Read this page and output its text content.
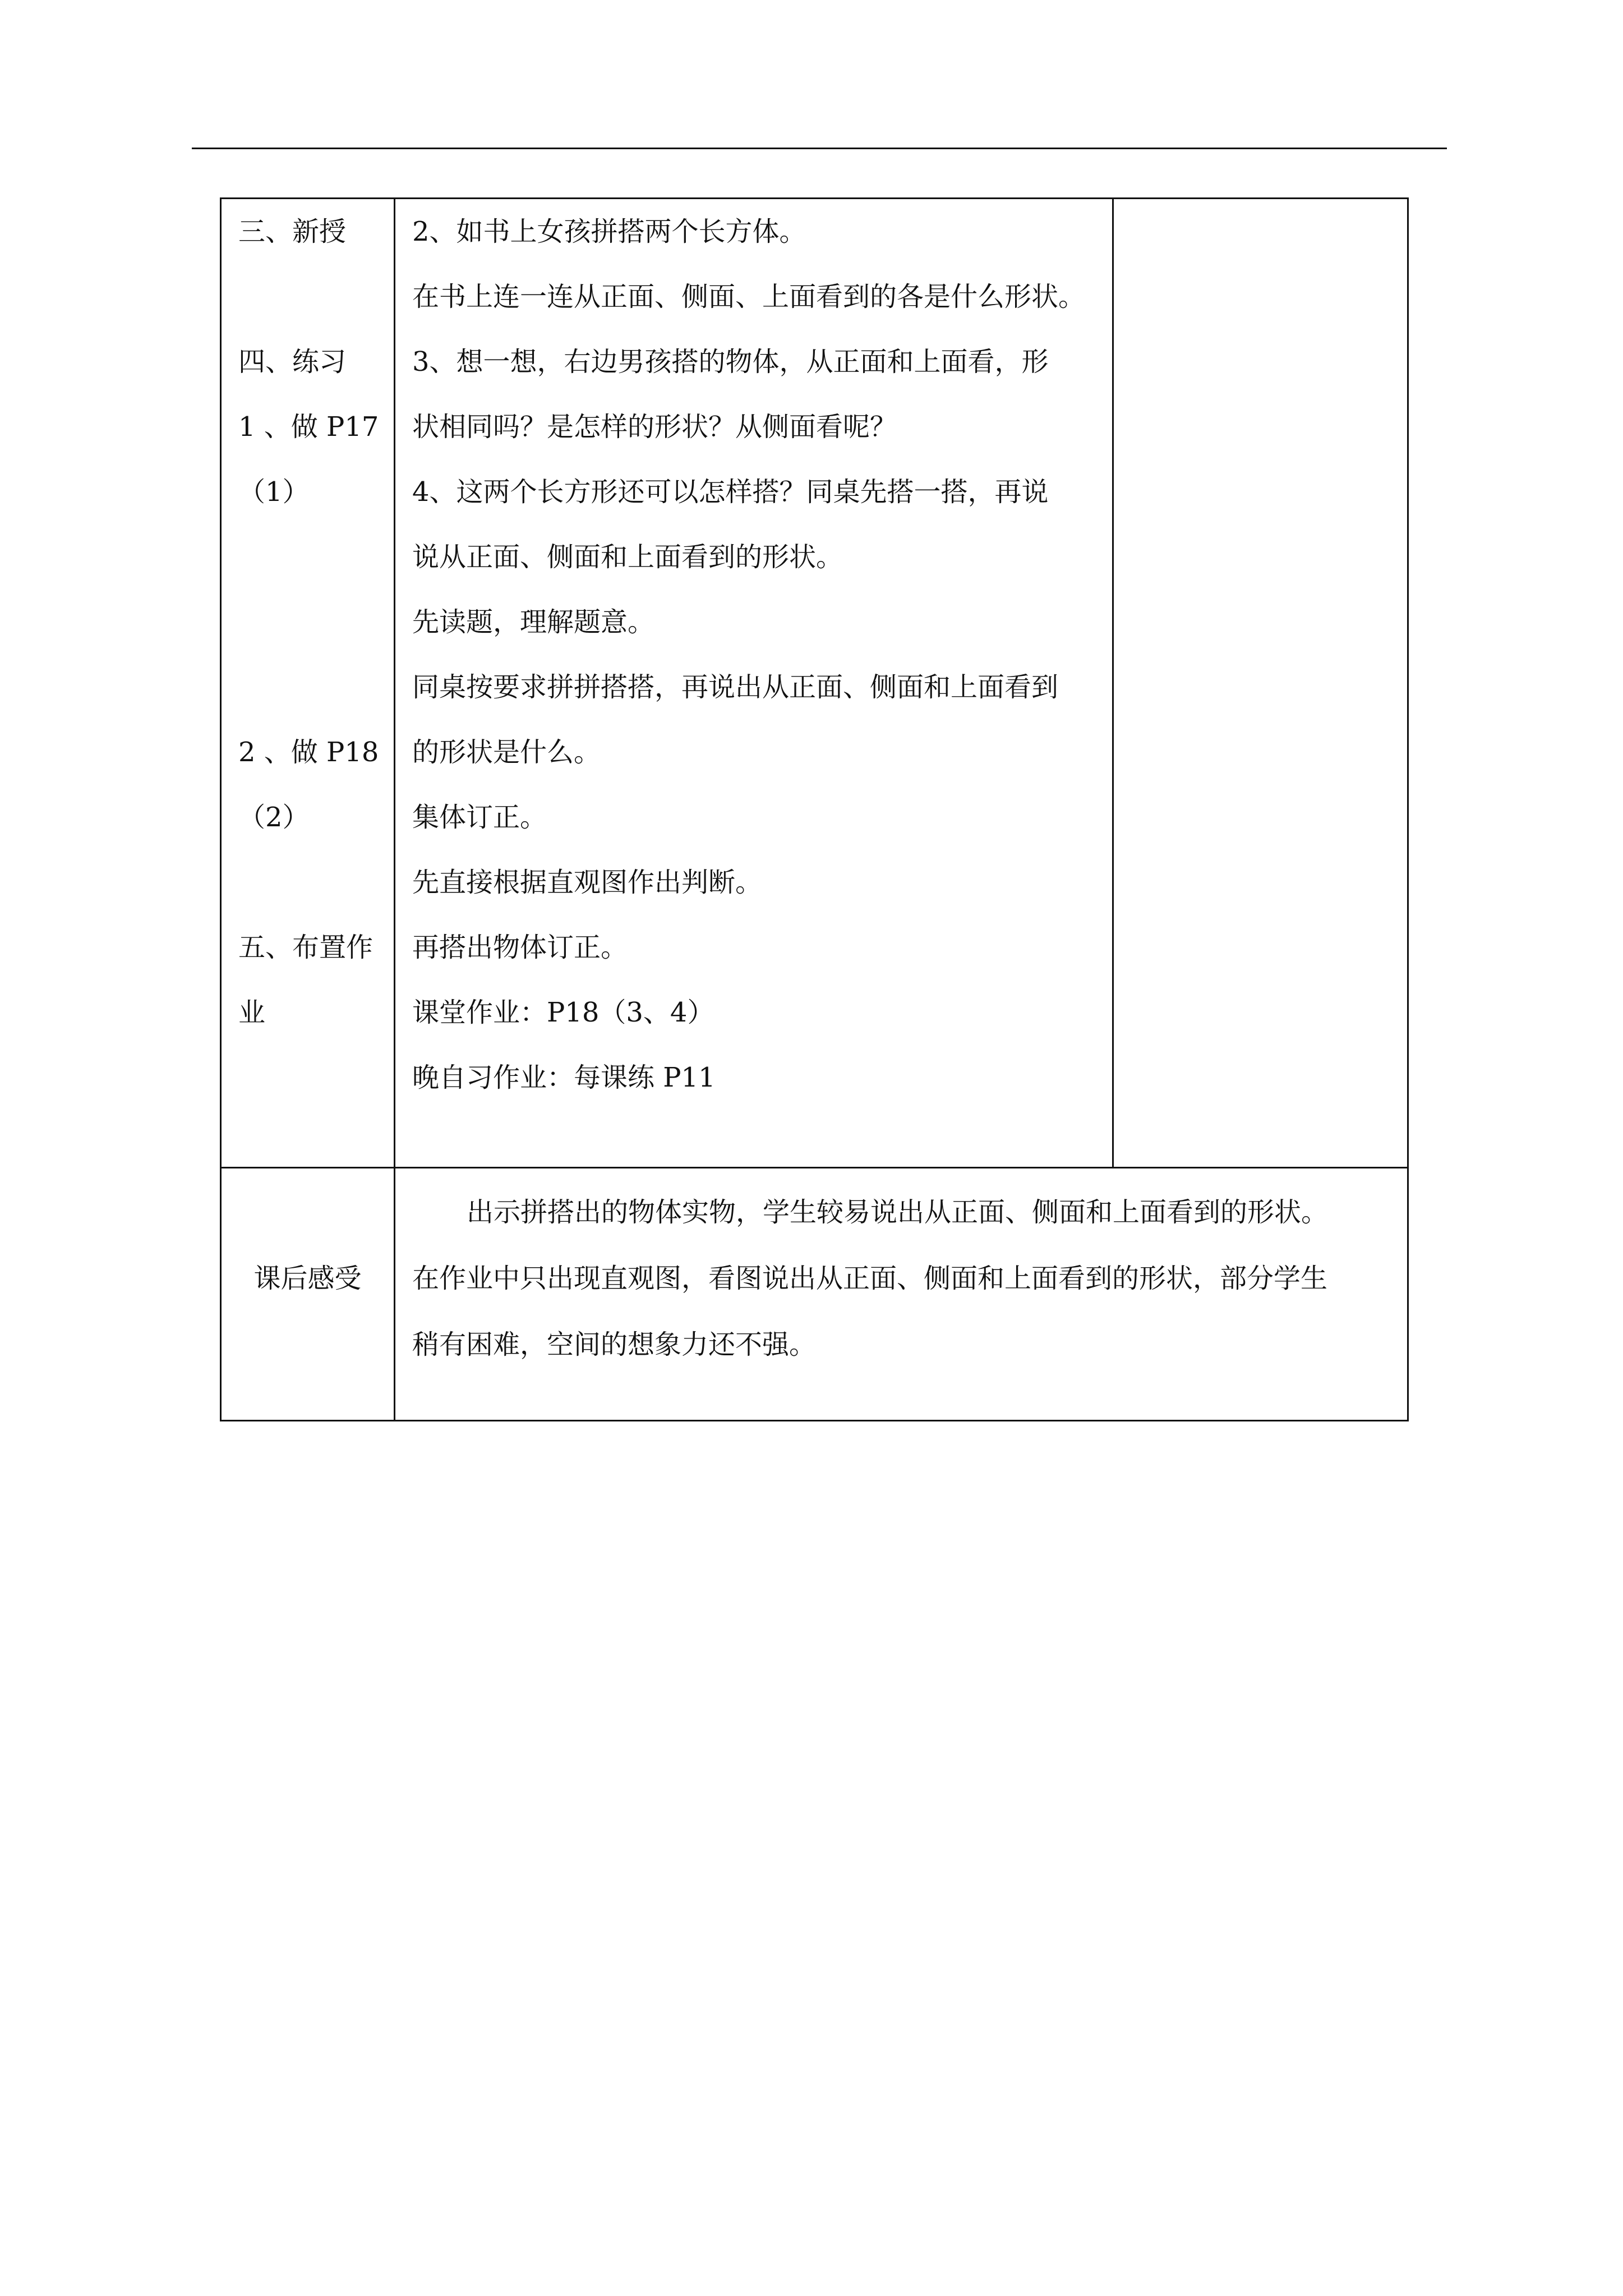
三、新授
四、练习
1 、做 P17
（1）
2 、做 P18
（2）
五、布置作
业
2、如书上女孩拼搭两个长方体。
在书上连一连从正面、侧面、上面看到的各是什么形状。
3、想一想，右边男孩搭的物体，从正面和上面看，形
状相同吗？是怎样的形状？从侧面看呢？
4、这两个长方形还可以怎样搭？同桌先搭一搭，再说
说从正面、侧面和上面看到的形状。
先读题，理解题意。
同桌按要求拼拼搭搭，再说出从正面、侧面和上面看到
的形状是什么。
集体订正。
先直接根据直观图作出判断。
再搭出物体订正。
课堂作业：P18（3、4）
晚自习作业：每课练 P11
课后感受
出示拼搭出的物体实物，学生较易说出从正面、侧面和上面看到的形状。
在作业中只出现直观图，看图说出从正面、侧面和上面看到的形状，部分学生
稍有困难，空间的想象力还不强。
